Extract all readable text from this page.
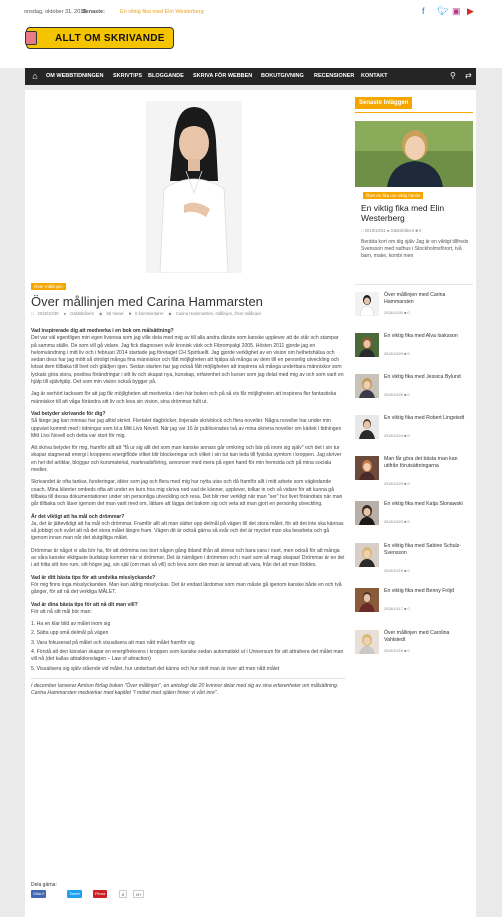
onsdag, oktober 31, 2018
Senaste:	En viktig fika med Elin Westerberg	f 🐦︎ ▣ ▶
ALLT OM SKRIVANDE
⌂	OM WEBBTIDNINGEN SKRIVTIPS BLOGGANDE SKRIVA FÖR WEBBEN BOKUTGIVNING RECENSIONER KONTAKT	⚲ ⇄
Över mållinjen
Över mållinjen med Carina Hammarsten
□ 2018/10/30 ● Gästskribent ◉ 56 Views ■ 0 kommentarer ◆ Carina Hammarsten, mållinjen, Över mållinjen

Vad inspirerade dig att medverka i en bok om målsättning?

Det var väl egentligen min egen livsresa som jag ville dela med mig av till alla andra därute som kanske upplever att de står och stampar på samma ställe. De som vill gå vidare. Jag fick diagnosen svår kronisk värk och Fibromyalgi 2005. Hösten 2011 gjorde jag en helomvändning i mitt liv och i februari 2014 startade jag företaget CH Spirituellt. Jag gjorde verklighet av en vision om helhetshälsa och sedan dess har jag mött så otroligt många fina människor och fått möjligheten att hjälpa så många av dem till en personlig utveckling och lotsat dem tillbaka till livet och glädjen igen. Sedan starten har jag också fått möjligheten att inspirera så många underbara människor som lyckats göra stora, positiva förändringar i sitt liv och skapat nya, kunskap, erfarenhet och kurser som jag delat med mig av och som varit en hjälp till självhjälp. Det som min vision också bygger på.

Jag är oerhört tacksam för att jag får möjligheten att medverka i den här boken och på så vis får möjligheten att inspirera fler fantastiska människor till att våga förändra sitt liv och leva sin vision, sina drömmar fullt ut.

Vad betyder skrivande för dig?

Så länge jag kan minnas har jag alltid skrivit. Flertalet dagböcker, linjerade skrivblock och flera noveller. Några noveller har under min uppväxt kommit med i tidningar som bl.a Mitt Livs Novell. När jag var 16 år publicerades två av mina skrivna noveller om kärlek i tidningen Mitt Livs Novell och detta var stort för mig.

Att skriva betyder för mig, framför allt att "få ur sig allt det som man kanske annars går omkring och bär på inom sig själv" och det i sin tur skapar stagnerad energi i kroppens energiflöde vilket blir blockeringar och vilket i sin tur kan leda till fysiska symtom i kroppen. Jag skriver en hel del artiklar, bloggar och kursmaterial, marknadsföring, annonser med mera på egen hand för min hemsida och på mina sociala medier.

Skrivandet är ofta tankar, funderingar, idéer som jag och flera med mig har nytta utav och då framför allt i mitt arbete som vägledande coach. Mina klienter ombeds ofta att under en kurs hos mig skriva ned vad de känner, upplever, tolkar in och så vidare för att kunna gå tillbaka till dessa dokumentationer under sin personliga utveckling och resa. Det blir mer verkligt när man "ser" hur livet förändrats när man går tillbaka och läser igenom det man varit med om, lättare att lägga det bakom sig och veta att man gjort en personlig utveckling.

Är det viktigt att ha mål och drömmar?

Ja, det är jätteviktigt att ha mål och drömmar. Framför allt att man sätter upp delmål på vägen till det stora målet, för att det inte ska kännas så jobbigt och svårt att nå det stora målet längre fram. Vägen dit är också gärna så svår och det är mycket man ska bearbeta och gå igenom innan man når det slutgiltiga målet.

Drömmar är något vi alla bör ha, för att drömma oss bort någon gång ibland ifrån all stress och bara vara i nuet, men också för att många av våra kanske viktigaste budskap kommer när vi drömmer. Det är nämligen i drömmen och i nuet som all magi skapas! Drömmar är en del i att hitta sitt inre rum, sitt högre jag, sin själ (om man så vill) och leva som den man är ämnad att vara, från det att man föddes.

Vad är ditt bästa tips för att undvika misslyckande?

För mig finns inga misslyckanden. Man kan aldrig misslyckas. Det är endast lärdomar som man måste gå igenom kanske både en och två gånger, för att nå det verkliga MÅLET.

Vad är dina bästa tips för att nå dit man vill?

För att nå sitt mål bör man:

1. Ha en klar bild av målet inom sig
2. Sätta upp små delmål på vägen
3. Vara fokuserad på målet och visualisera att man nått målet framför sig
4. Förstå att den känslan skapar en energifrekvens i kroppen som kanske sedan automatiskt ut i Universum för att attrahera det målet man vill nå (det kallas attraktionslagen – Law of attraction)
5. Visualisera sig själv stående vid målet, hur underbart det känns och hur stolt man är över att man nått målet

I december lanserar Ambon förlag boken "Över mållinjen", en antologi där 20 kvinnor delar med sig av sina erfarenheter om målsättning. Carina Hammarsten medverkar med kapitlet "I mötet med själen finner vi vårt inre".

Dela gärna:
Gilla 0	Tweet	Pinna	0	G+
Senaste Inläggen
Över en fika om viktig hände
En viktig fika med Elin Westerberg
□ 2018/10/31 ● Gästskribent ■ 0
Berätta kort om dig själv Jag är en viktigt tillfreds Svensson med radhus i Stockholmsförort, två barn, make, kombi men
Över mållinjen med Carina Hammarsten
2018/10/30 ■ 0
En viktig fika med Alva Isaksson
2018/10/29 ■ 0
En viktig fika med Jessica Bylund
2018/10/26 ■ 0
En viktig fika med Robert Lingstedt
2018/10/24 ■ 0
Man får göra det bästa man kan utifrån förutsättningarna
2018/10/23 ■ 0
En viktig fika med Katja Slonawski
2018/10/22 ■ 0
En viktig fika med Sabine Schulz-Svensson
2018/10/19 ■ 0
En viktig fika med Benny Fröjd
2018/10/17 ■ 0
Över mållinjen med Carolina Vahlstedt
2018/10/16 ■ 0
